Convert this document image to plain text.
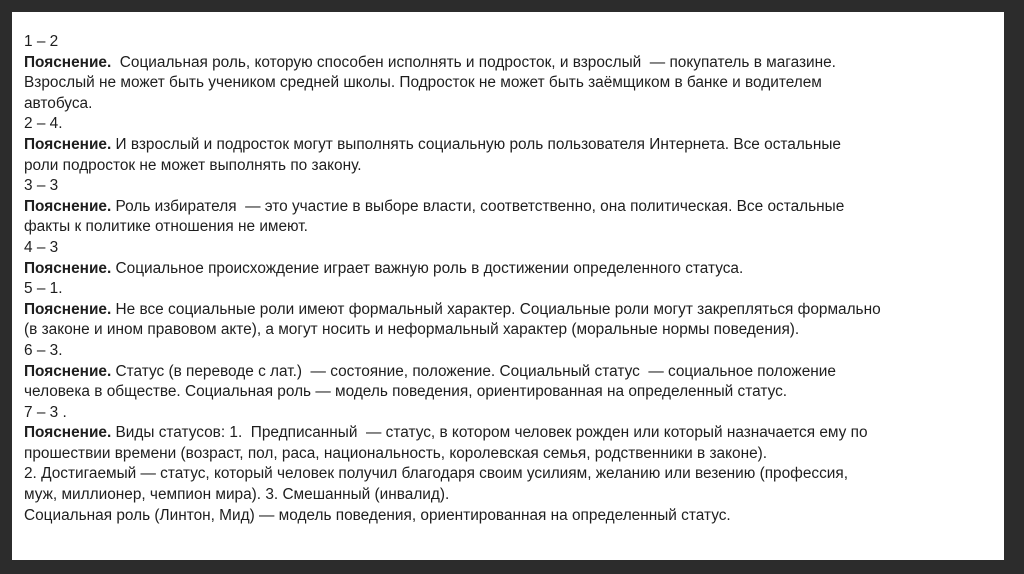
1 – 2
Пояснение.  Социальная роль, которую способен исполнять и подросток, и взрослый  — покупатель в магазине.
Взрослый не может быть учеником средней школы. Подросток не может быть заёмщиком в банке и водителем
автобуса.
2 – 4.
Пояснение. И взрослый и подросток могут выполнять социальную роль пользователя Интернета. Все остальные
роли подросток не может выполнять по закону.
3 – 3
Пояснение. Роль избирателя  — это участие в выборе власти, соответственно, она политическая. Все остальные
факты к политике отношения не имеют.
4 – 3
Пояснение. Социальное происхождение играет важную роль в достижении определенного статуса.
5 – 1.
Пояснение. Не все социальные роли имеют формальный характер. Социальные роли могут закрепляться формально
(в законе и ином правовом акте), а могут носить и неформальный характер (моральные нормы поведения).
6 – 3.
Пояснение. Статус (в переводе с лат.)  — состояние, положение. Социальный статус  — социальное положение
человека в обществе. Социальная роль — модель поведения, ориентированная на определенный статус.
7 – 3 .
Пояснение. Виды статусов: 1.  Предписанный  — статус, в котором человек рожден или который назначается ему по
прошествии времени (возраст, пол, раса, национальность, королевская семья, родственники в законе).
2. Достигаемый — статус, который человек получил благодаря своим усилиям, желанию или везению (профессия,
муж, миллионер, чемпион мира). 3. Смешанный (инвалид).
Социальная роль (Линтон, Мид) — модель поведения, ориентированная на определенный статус.
